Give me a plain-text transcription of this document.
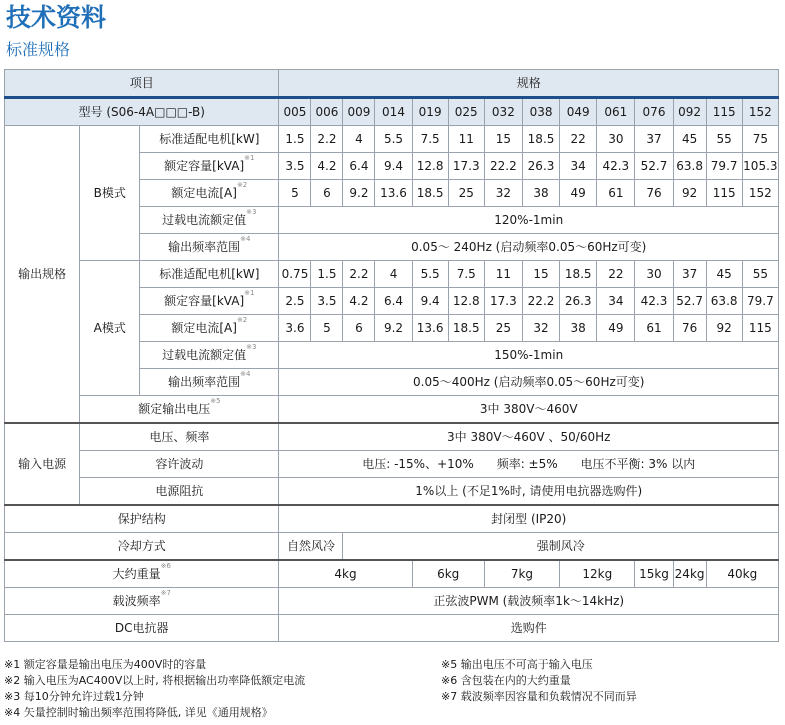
技术资料
标准规格
项目			规格													
型号 (S06-4A□□□-B)			005	006	009	014	019	025	032	038	049	061	076	092	115	152
输出规格	B模式	标准适配电机[kW]	1.5	2.2	4	5.5	7.5	11	15	18.5	22	30	37	45	55	75
		额定容量[kVA]$^{※1}$	3.5	4.2	6.4	9.4	12.8	17.3	22.2	26.3	34	42.3	52.7	63.8	79.7	105.3
		额定电流$[A]^{※2}$	5	6	9.2	13.6	18.5	25	32	38	49	61	76	92	115	152
		过载电流额定值$^{※3}$	120%-1min													
		输出频率范围$^{※4}$	0.05～ 240Hz (启动频率0.05～60Hz可变)													
	A模式	标准适配电机[kW]	0.75	1.5	2.2	4	5.5	7.5	11	15	18.5	22	30	37	45	55
		额定容量[kVA]$^{※1}$	2.5	3.5	4.2	6.4	9.4	12.8	17.3	22.2	26.3	34	42.3	52.7	63.8	79.7
		额定电流$[A]^{※2}$	3.6	5	6	9.2	13.6	18.5	25	32	38	49	61	76	92	115
		过载电流额定值$^{※3}$	150%-1min													
		输出频率范围$^{※4}$	0.05～400Hz (启动频率0.05～60Hz可变)													
	额定输出电压$^{※5}$		3中 380V～460V													
输入电源	电压、频率		3中 380V～460V 、50/60Hz													
	容许波动		电压: -15%、+10%      频率: ±5%      电压不平衡: 3% 以内													
	电源阻抗		1%以上 (不足1%时, 请使用电抗器选购件)													
保护结构			封闭型 (IP20)													
冷却方式			自然风冷		强制风冷											
大约重量$^{※6}$			4kg				6kg		7kg		12kg		15kg	24kg	40kg	
载波频率$^{※7}$			正弦波PWM (载波频率1k～14kHz)													
DC电抗器			选购件													
※1 额定容量是输出电压为400V时的容量
※2 输入电压为AC400V以上时, 将根据输出功率降低额定电流
※3 每10分钟允许过载1分钟
※4 矢量控制时输出频率范围将降低, 详见《通用规格》
※5 输出电压不可高于输入电压
※6 含包装在内的大约重量
※7 载波频率因容量和负载情况不同而异
